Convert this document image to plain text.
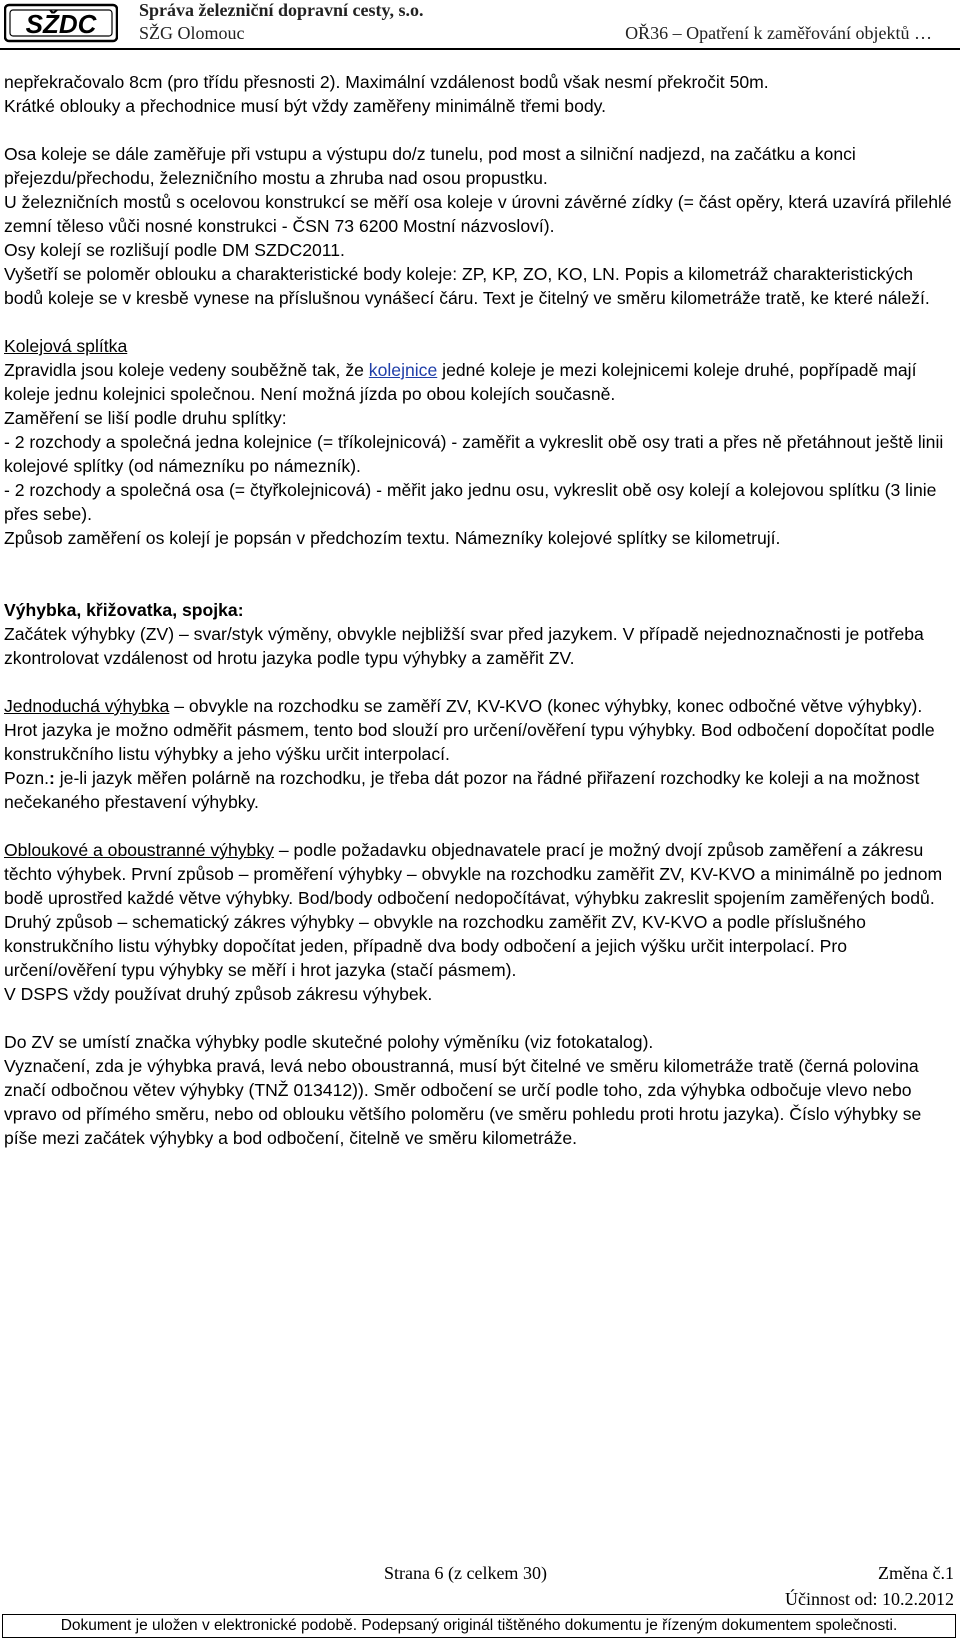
SŽDC Správa železniční dopravní cesty, s.o.
SŽG Olomouc	OŘ36 – Opatření k zaměřování objektů …

nepřekračovalo 8cm (pro třídu přesnosti 2). Maximální vzdálenost bodů však nesmí překročit 50m.

Krátké oblouky a přechodnice musí být vždy zaměřeny minimálně třemi body.

Osa koleje se dále zaměřuje při vstupu a výstupu do/z tunelu, pod most a silniční nadjezd, na začátku a konci přejezdu/přechodu, železničního mostu a zhruba nad osou propustku.

U železničních mostů s ocelovou konstrukcí se měří osa koleje v úrovni závěrné zídky (= část opěry, která uzavírá přilehlé zemní těleso vůči nosné konstrukci - ČSN 73 6200 Mostní názvosloví).

Osy kolejí se rozlišují podle DM SZDC2011.

Vyšetří se poloměr oblouku a charakteristické body koleje: ZP, KP, ZO, KO, LN. Popis a kilometráž charakteristických bodů koleje se v kresbě vynese na příslušnou vynášecí čáru. Text je čitelný ve směru kilometráže tratě, ke které náleží.

Kolejová splítka

Zpravidla jsou koleje vedeny souběžně tak, že kolejnice jedné koleje je mezi kolejnicemi koleje druhé, popřípadě mají koleje jednu kolejnici společnou. Není možná jízda po obou kolejích současně.

Zaměření se liší podle druhu splítky:

- 2 rozchody a společná jedna kolejnice (= tříkolejnicová) - zaměřit a vykreslit obě osy trati a přes ně přetáhnout ještě linii kolejové splítky (od námezníku po námezník).

- 2 rozchody a společná osa (= čtyřkolejnicová) - měřit jako jednu osu, vykreslit obě osy kolejí a kolejovou splítku (3 linie přes sebe).

Způsob zaměření os kolejí je popsán v předchozím textu. Námezníky kolejové splítky se kilometrují.

Výhybka, křižovatka, spojka:

Začátek výhybky (ZV) – svar/styk výměny, obvykle nejbližší svar před jazykem. V případě nejednoznačnosti je potřeba zkontrolovat vzdálenost od hrotu jazyka podle typu výhybky a zaměřit ZV.

Jednoduchá výhybka – obvykle na rozchodku se zaměří ZV, KV-KVO (konec výhybky, konec odbočné větve výhybky). Hrot jazyka je možno odměřit pásmem, tento bod slouží pro určení/ověření typu výhybky. Bod odbočení dopočítat podle konstrukčního listu výhybky a jeho výšku určit interpolací.

Pozn.: je-li jazyk měřen polárně na rozchodku, je třeba dát pozor na řádné přiřazení rozchodky ke koleji a na možnost nečekaného přestavení výhybky.

Obloukové a oboustranné výhybky – podle požadavku objednavatele prací je možný dvojí způsob zaměření a zákresu těchto výhybek. První způsob – proměření výhybky – obvykle na rozchodku zaměřit ZV, KV-KVO a minimálně po jednom bodě uprostřed každé větve výhybky. Bod/body odbočení nedopočítávat, výhybku zakreslit spojením zaměřených bodů. Druhý způsob – schematický zákres výhybky – obvykle na rozchodku zaměřit ZV, KV-KVO a podle příslušného konstrukčního listu výhybky dopočítat jeden, případně dva body odbočení a jejich výšku určit interpolací. Pro určení/ověření typu výhybky se měří i hrot jazyka (stačí pásmem).

V DSPS vždy používat druhý způsob zákresu výhybek.

Do ZV se umístí značka výhybky podle skutečné polohy výměníku (viz fotokatalog).

Vyznačení, zda je výhybka pravá, levá nebo oboustranná, musí být čitelné ve směru kilometráže tratě (černá polovina značí odbočnou větev výhybky (TNŽ 013412)). Směr odbočení se určí podle toho, zda výhybka odbočuje vlevo nebo vpravo od přímého směru, nebo od oblouku většího poloměru (ve směru pohledu proti hrotu jazyka). Číslo výhybky se píše mezi začátek výhybky a bod odbočení, čitelně ve směru kilometráže.

Strana 6 (z celkem 30)	Změna č.1
Účinnost od: 10.2.2012
Dokument je uložen v elektronické podobě. Podepsaný originál tištěného dokumentu je řízeným dokumentem společnosti.
